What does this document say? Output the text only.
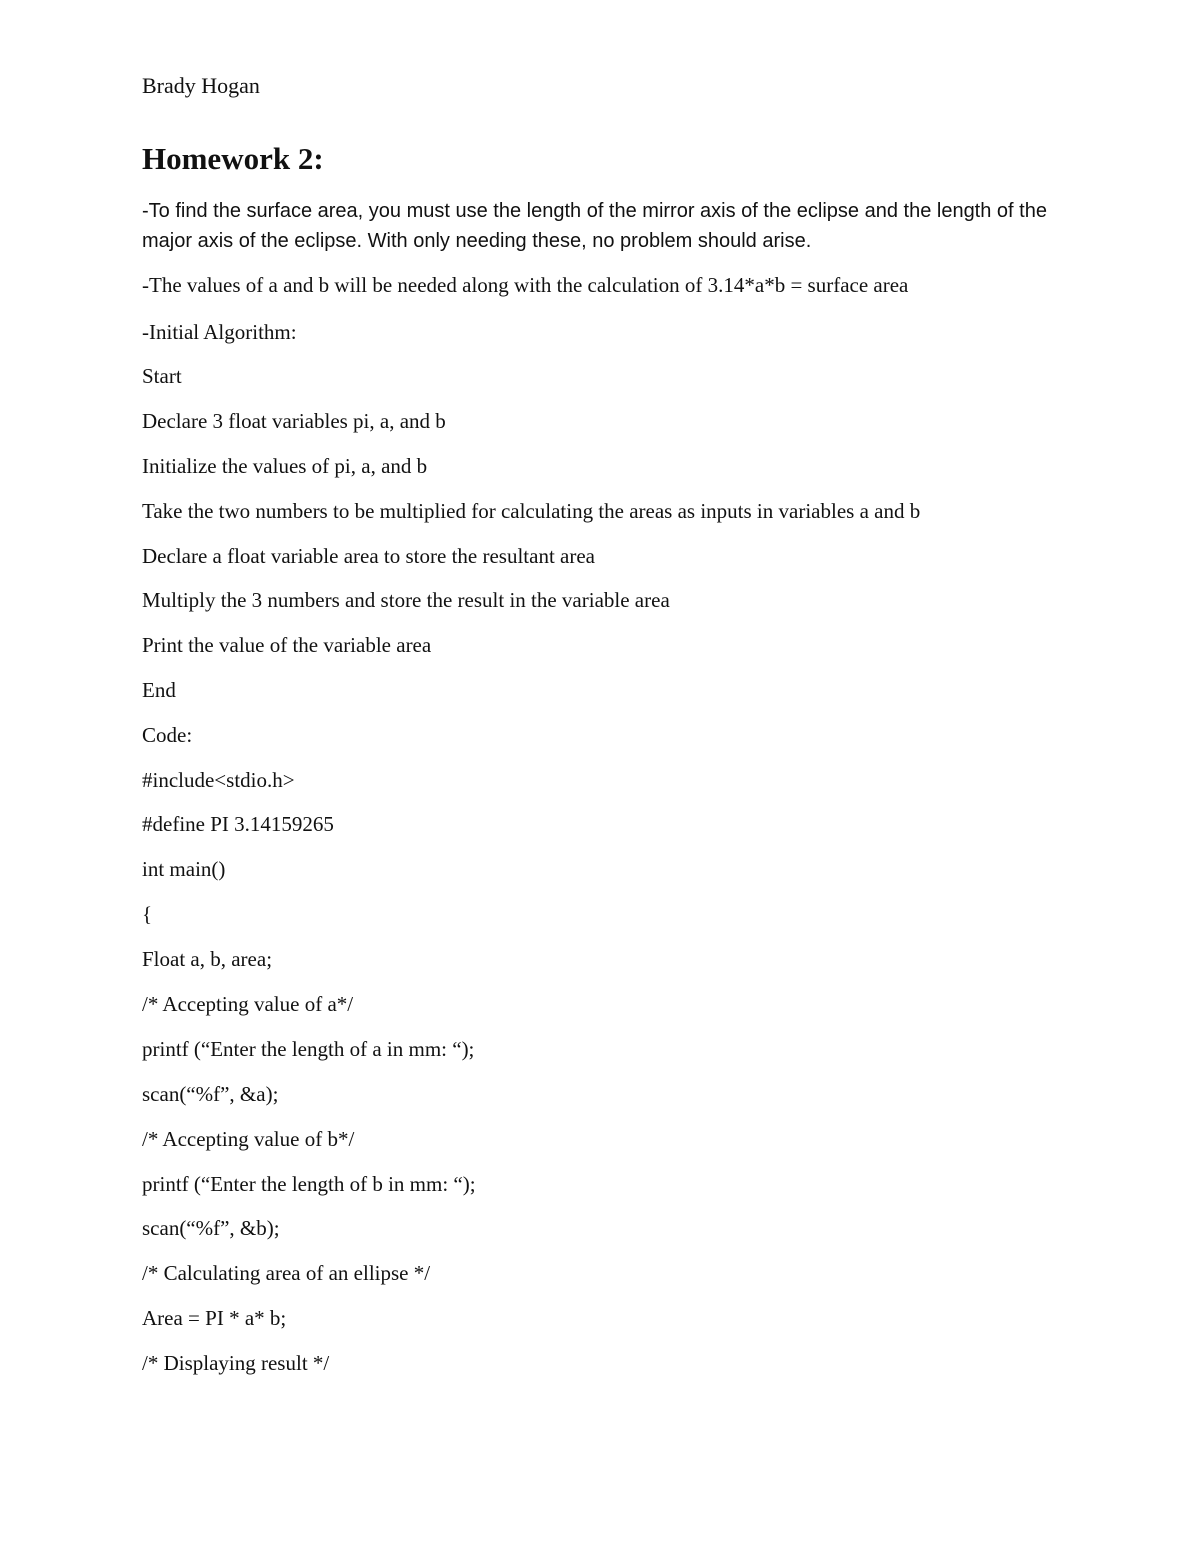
Brady Hogan
Homework 2:
-To find the surface area, you must use the length of the mirror axis of the eclipse and the length of the major axis of the eclipse. With only needing these, no problem should arise.
-The values of a and b will be needed along with the calculation of 3.14*a*b = surface area
-Initial Algorithm:
Start
Declare 3 float variables pi, a, and b
Initialize the values of pi, a, and b
Take the two numbers to be multiplied for calculating the areas as inputs in variables a and b
Declare a float variable area to store the resultant area
Multiply the 3 numbers and store the result in the variable area
Print the value of the variable area
End
Code:
#include<stdio.h>
#define PI 3.14159265
int main()
{
Float a, b, area;
/* Accepting value of a*/
printf (“Enter the length of a in mm: “);
scan(“%f”, &a);
/* Accepting value of b*/
printf (“Enter the length of b in mm: “);
scan(“%f”, &b);
/* Calculating area of an ellipse */
Area = PI * a* b;
/* Displaying result */
